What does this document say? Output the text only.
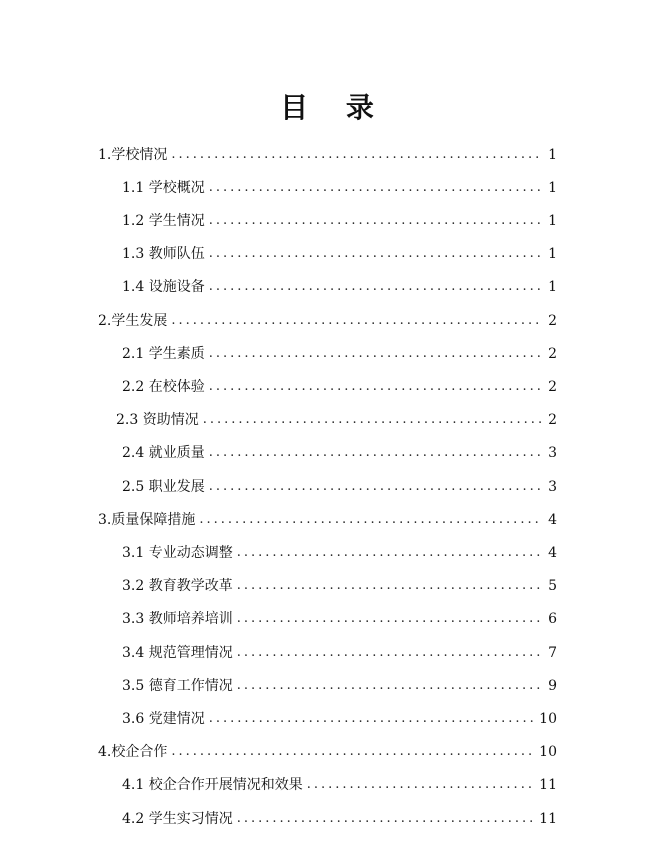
目 录
1.学校情况 .....	1
1.1 学校概况 .....	1
1.2 学生情况 .....	1
1.3 教师队伍 .....	1
1.4 设施设备 .....	1
2.学生发展 .....	2
2.1 学生素质 .....	2
2.2 在校体验 .....	2
2.3 资助情况 .....	2
2.4 就业质量 .....	3
2.5 职业发展 .....	3
3.质量保障措施 .....	4
3.1 专业动态调整 .....	4
3.2 教育教学改革 .....	5
3.3 教师培养培训 .....	6
3.4 规范管理情况 .....	7
3.5 德育工作情况 .....	9
3.6 党建情况 .....	10
4.校企合作 .....	10
4.1 校企合作开展情况和效果 .....	11
4.2 学生实习情况 .....	11
